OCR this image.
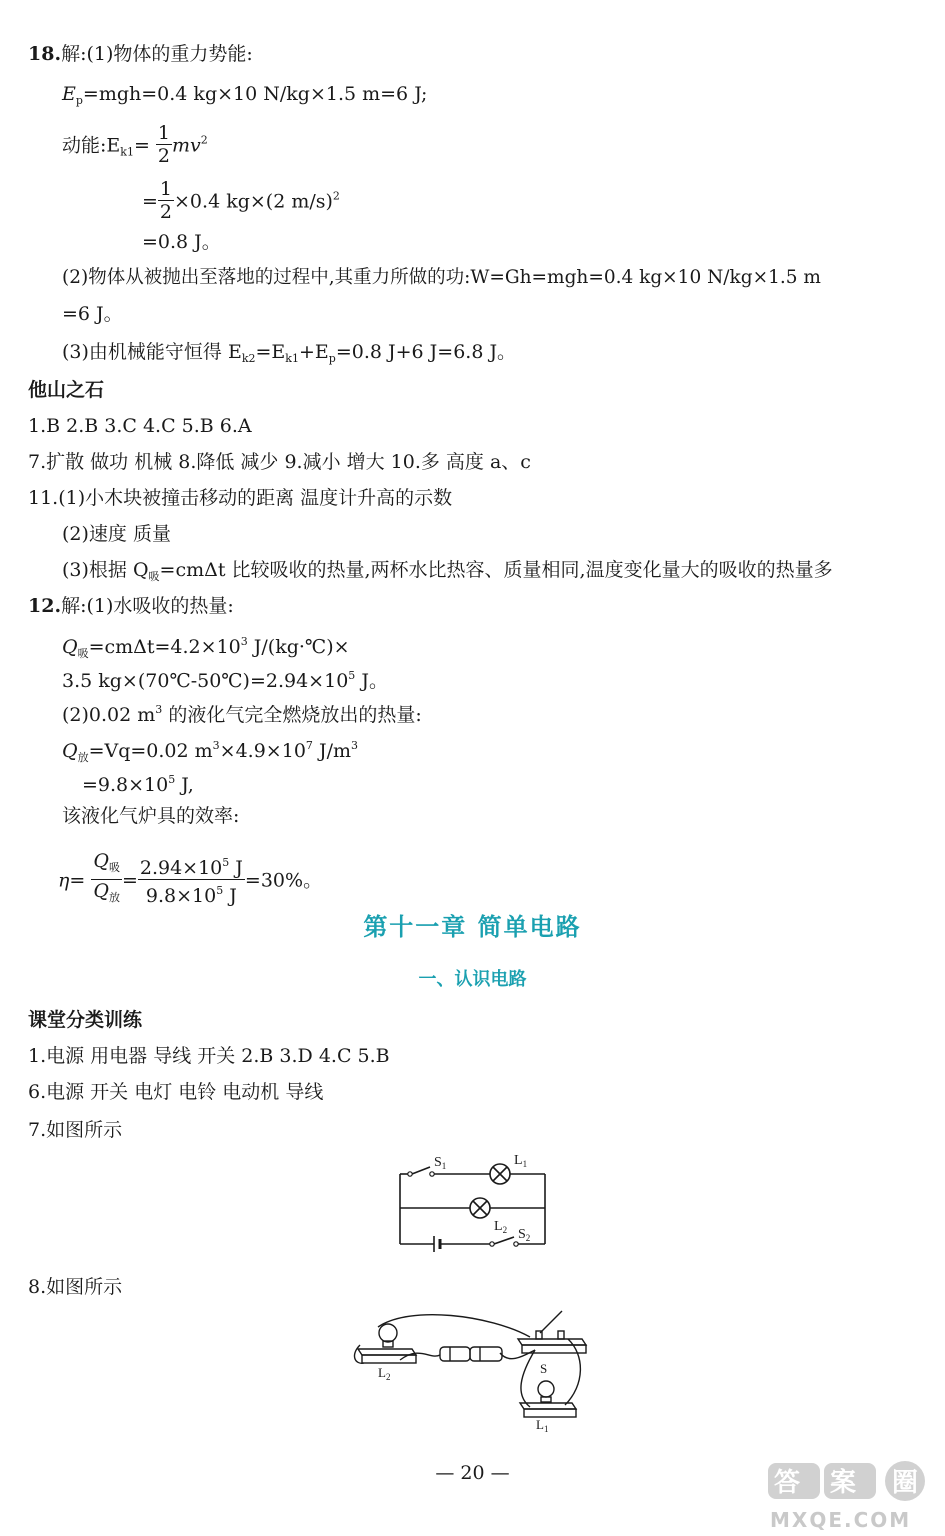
18.解:(1)物体的重力势能:
$E_p=mgh=0.4$ kg×10 N/kg×1.5 m=6 J;
动能$:E_{k1}= \frac{1}{2} mv^2$
= $\frac{1}{2} \times 0.4$ kg×(2 m/s)$^2$
=0.8 J。
(2)物体从被抛出至落地的过程中,其重力所做的功:W=Gh=mgh=0.4 kg×10 N/kg×1.5 m
=6 J。
(3)由机械能守恒得 $E_{k2}=E_{k1}+E_p=0.8$ J+6 J=6.8 J。
他山之石
1.B 2.B 3.C 4.C 5.B 6.A
7.扩散 做功 机械 8.降低 减少 9.减小 增大 10.多 高度 a、c
11.(1)小木块被撞击移动的距离 温度计升高的示数
(2)速度 质量
(3)根据 $Q_吸=cm\Delta t$ 比较吸收的热量,两杯水比热容、质量相同,温度变化量大的吸收的热量多
12.解:(1)水吸收的热量:
$Q_吸=cm\Delta t=4.2\times 10^3$ J/(kg·℃)×
3.5 $kg\times(70℃-50℃)=2.94\times 10^5$ J。
(2)0.02 $m^3$ 的液化气完全燃烧放出的热量:
$Q_放=Vq=0.02$ $m^3\times 4.9\times 10^7$ $J/m^3$
$=9.8\times 10^5$ J,
该液化气炉具的效率:
$\eta= \frac{Q_吸}{Q_放} = \frac{2.94\times 10^5 J}{9.8\times 10^5 J} =30\%$。
第十一章 简单电路
一、认识电路
课堂分类训练
1.电源 用电器 导线 开关 2.B 3.D 4.C 5.B
6.电源 开关 电灯 电铃 电动机 导线
7.如图所示
$S_1$	$L_1$
$L_2$ $S_2$
8.如图所示
$L_2$
S
$L_1$
— 20 —	答 案 圈
MXQE.COM
